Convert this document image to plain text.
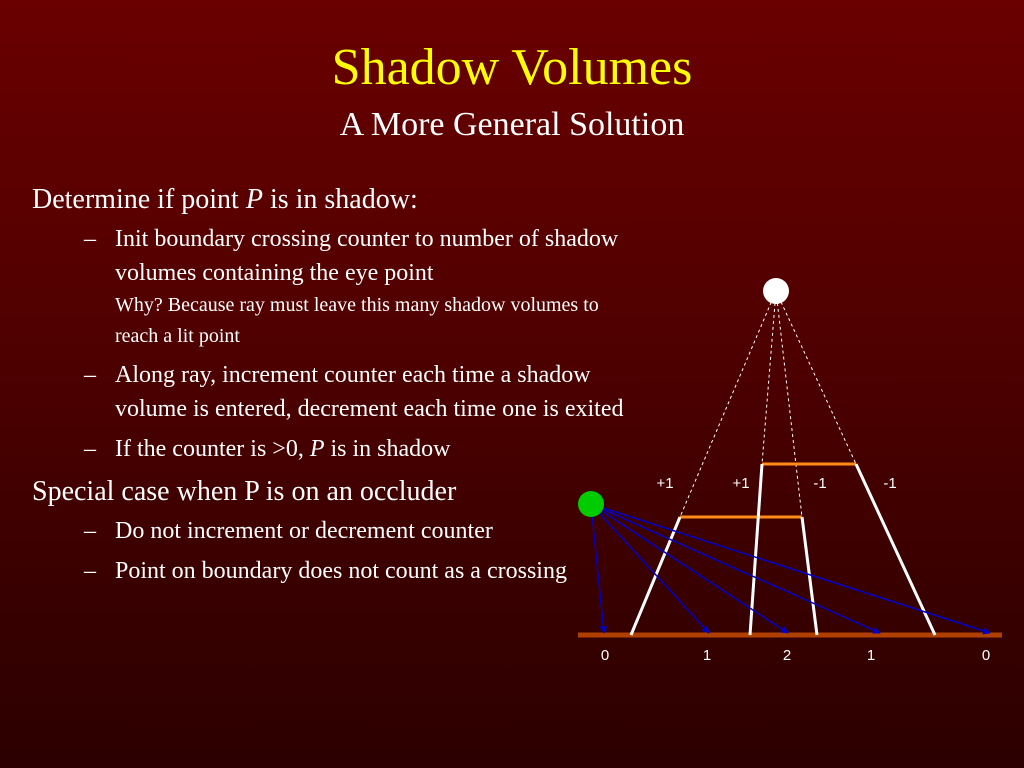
Shadow Volumes
A More General Solution
Determine if point P is in shadow:
– Init boundary crossing counter to number of shadow volumes containing the eye point
Why? Because ray must leave this many shadow volumes to reach a lit point
– Along ray, increment counter each time a shadow volume is entered, decrement each time one is exited
– If the counter is >0, P is in shadow
Special case when P is on an occluder
– Do not increment or decrement counter
– Point on boundary does not count as a crossing
+1	+1	-1	-1
0	1	2	1	0
